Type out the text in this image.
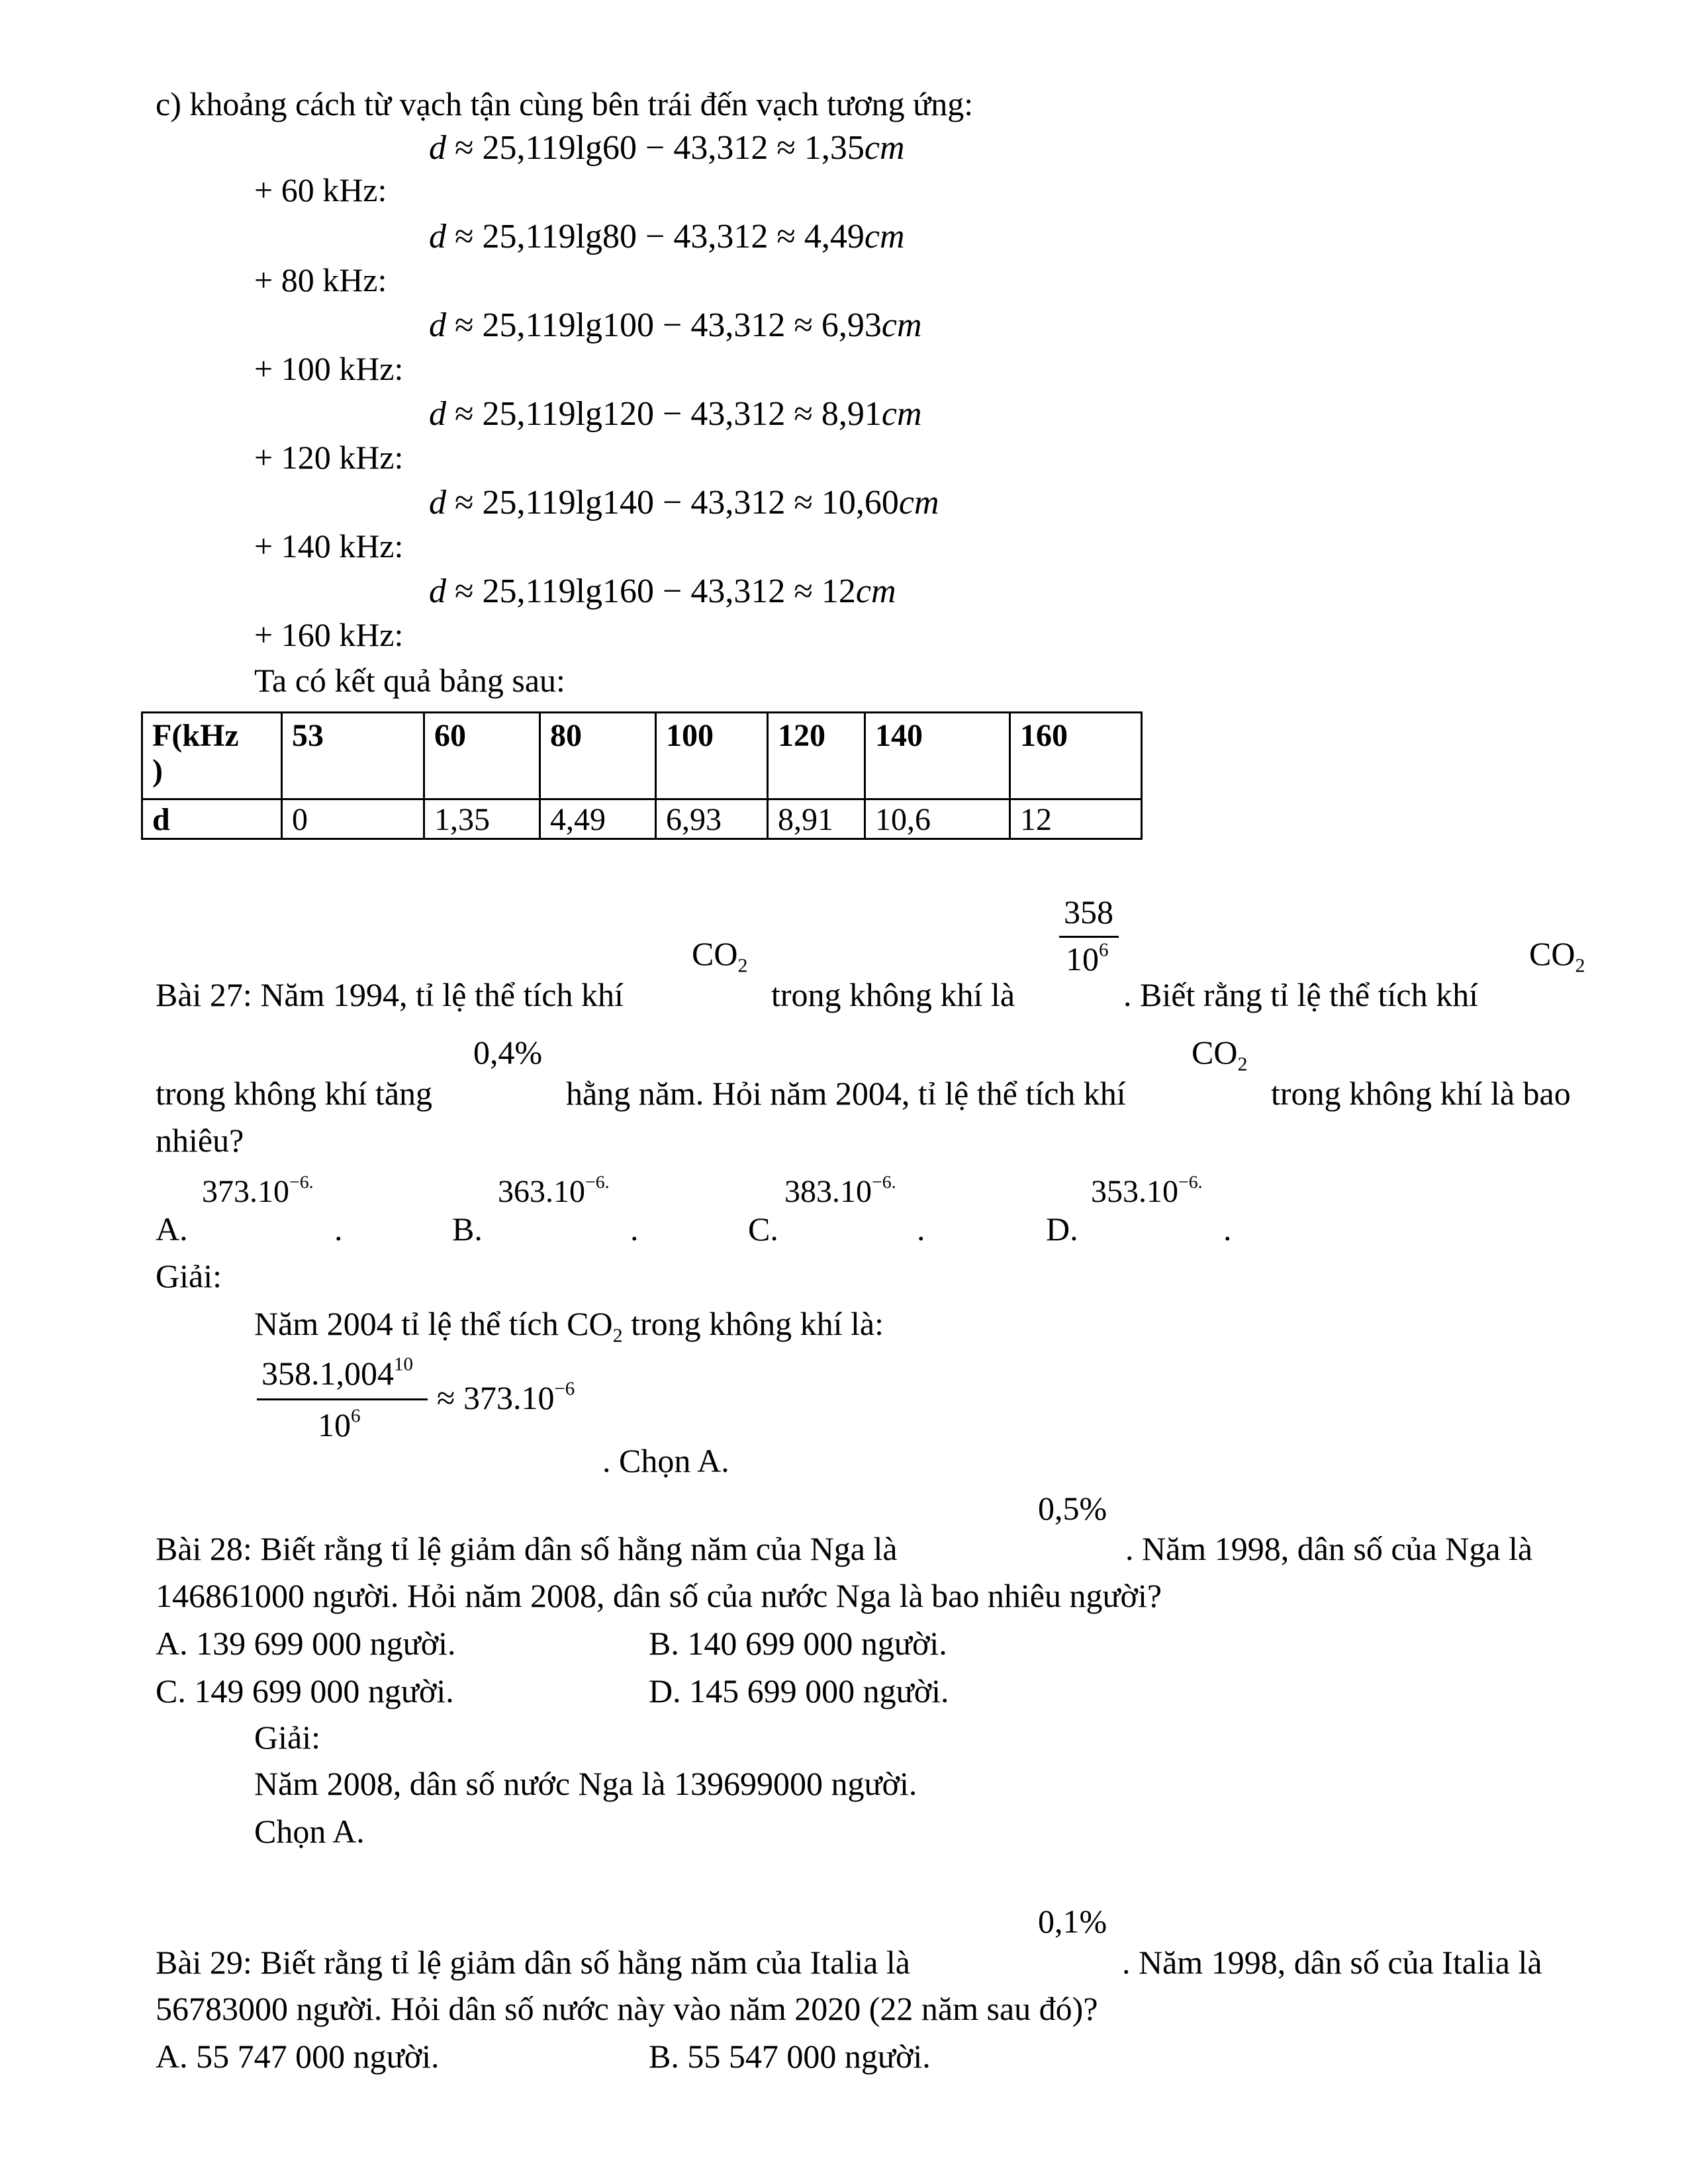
c) khoảng cách từ vạch tận cùng bên trái đến vạch tương ứng:
d ≈ 25,119lg60 − 43,312 ≈ 1,35cm
+ 60 kHz:
d ≈ 25,119lg80 − 43,312 ≈ 4,49cm
+ 80 kHz:
d ≈ 25,119lg100 − 43,312 ≈ 6,93cm
+ 100 kHz:
d ≈ 25,119lg120 − 43,312 ≈ 8,91cm
+ 120 kHz:
d ≈ 25,119lg140 − 43,312 ≈ 10,60cm
+ 140 kHz:
d ≈ 25,119lg160 − 43,312 ≈ 12cm
+ 160 kHz:
Ta có kết quả bảng sau:
F(kHz
)	53	60	80	100	120	140	160
d	0	1,35	4,49	6,93	8,91	10,6	12
358
$10^6$
$CO_2$	$CO_2$
Bài 27: Năm 1994, tỉ lệ thể tích khí	trong không khí là	. Biết rằng tỉ lệ thể tích khí
0,4%	$CO_2$
trong không khí tăng	hằng năm. Hỏi năm 2004, tỉ lệ thể tích khí	trong không khí là bao
nhiêu?
$373.10^{-6.}$
A.	.
$363.10^{-6.}$
B.	.
$383.10^{-6.}$
C.	.
$353.10^{-6.}$
D.	.
Giải:
Năm 2004 tỉ lệ thể tích $CO_2$ trong không khí là:
358.1,004$^{10}$
$10^6 \approx 373.10^{-6}$
. Chọn A.
0,5%
Bài 28: Biết rằng tỉ lệ giảm dân số hằng năm của Nga là	. Năm 1998, dân số của Nga là
146861000 người. Hỏi năm 2008, dân số của nước Nga là bao nhiêu người?
A. 139 699 000 người.	B. 140 699 000 người.
C. 149 699 000 người.	D. 145 699 000 người.
Giải:
Năm 2008, dân số nước Nga là 139699000 người.
Chọn A.
0,1%
Bài 29: Biết rằng tỉ lệ giảm dân số hằng năm của Italia là	. Năm 1998, dân số của Italia là
56783000 người. Hỏi dân số nước này vào năm 2020 (22 năm sau đó)?
A. 55 747 000 người.	B. 55 547 000 người.
